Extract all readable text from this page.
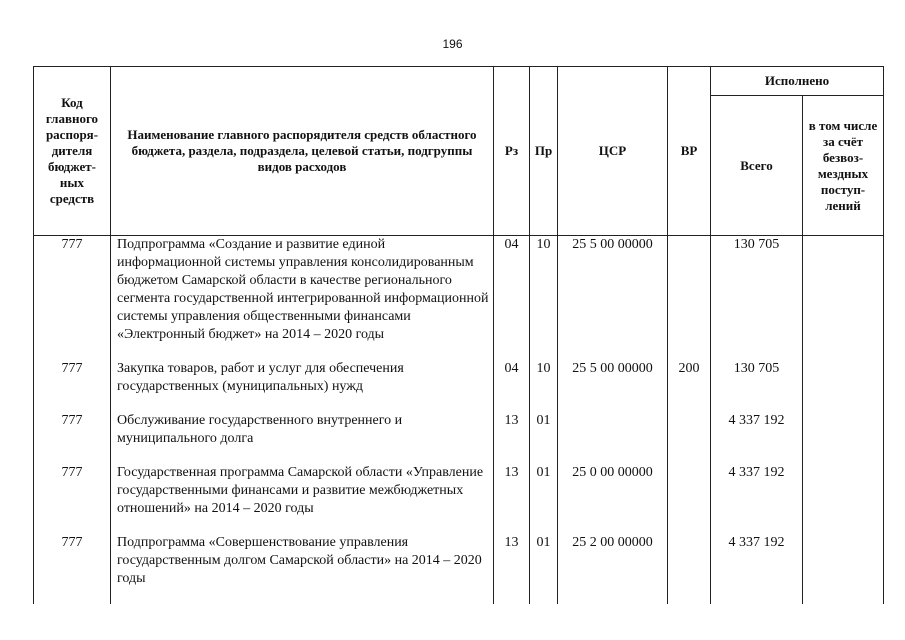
196
Код главного распоря-дителя бюджет-ных средств	Наименование главного распорядителя средств областного бюджета, раздела, подраздела, целевой статьи, подгруппы видов расходов	Рз	Пр	ЦСР	ВР	Исполнено	
						Всего	в том числе за счёт безвоз-мездных поступ-лений
777	Подпрограмма «Создание и развитие единой информационной системы управления консолидированным бюджетом Самарской области в качестве регионального сегмента государственной интегрированной информационной системы управления общественными финансами «Электронный бюджет» на 2014 – 2020 годы	04	10	25 5 00 00000		130 705	
777	Закупка товаров, работ и услуг для обеспечения государственных (муниципальных) нужд	04	10	25 5 00 00000	200	130 705	
777	Обслуживание государственного внутреннего и муниципального долга	13	01			4 337 192	
777	Государственная программа Самарской области «Управление государственными финансами и развитие межбюджетных отношений» на 2014 – 2020 годы	13	01	25 0 00 00000		4 337 192	
777	Подпрограмма «Совершенствование управления государственным долгом Самарской области» на 2014 – 2020 годы	13	01	25 2 00 00000		4 337 192	
